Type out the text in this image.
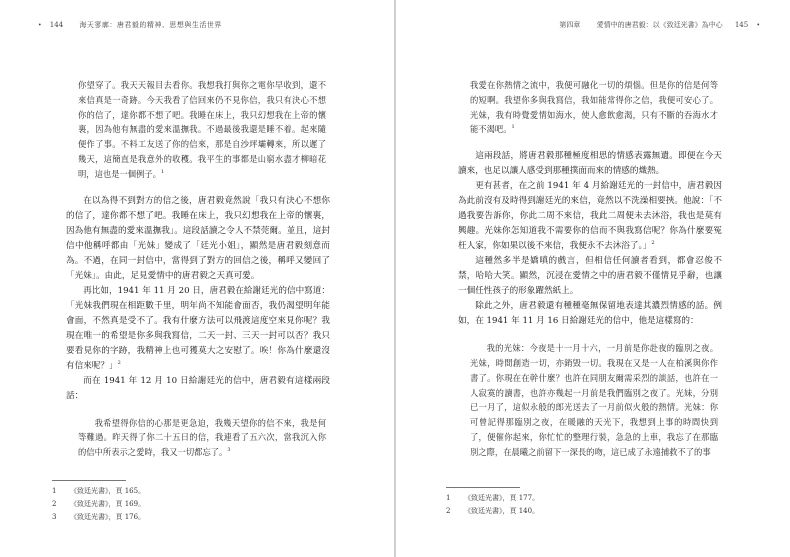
• 144 海天寥廓：唐君毅的精神、思想與生活世界

你望穿了。我天天報目去看你。我想我打與你之電你早收到，還不來信真是一奇跡。今天我看了信回來仍不見你信，我只有決心不想你的信了，達你都不想了吧。我睡在床上，我只幻想我在上帝的懷裏，因為他有無盡的愛來溫撫我。不過最後我還是睡不着。起來隨便作了事。不料工友送了你的信來，那是自沙坪壩轉來，所以遲了幾天，這簡直是我意外的收穫。我平生的事都是山窮水盡才柳暗花明，這也是一個例子。$^1$

在以為得不到對方的信之後，唐君毅竟然說「我只有決心不想你的信了，達你都不想了吧。我睡在床上，我只幻想我在上帝的懷裏，因為他有無盡的愛來溫撫我」。這段話讀之令人不禁莞爾。並且，這封信中他稱呼都由「光妹」變成了「廷光小姐」，顯然是唐君毅刻意而為。不過，在同一封信中，當得到了對方的回信之後，稱呼又變回了「光妹」。由此，足見愛情中的唐君毅之天真可愛。

再比如，1941 年 11 月 20 日，唐君毅在給謝廷光的信中寫道：「光妹我們現在相距數千里，明年尚不知能會面否，我仍渴望明年能會面，不然真是受不了。我有什麼方法可以飛渡這度空來見你呢？我現在唯一的希望是你多與我寫信，二天一封、三天一封可以否？我只要看見你的字跡，我精神上也可獲莫大之安慰了。唉！你為什麼還沒有信來呢？」$^2$

而在 1941 年 12 月 10 日給謝廷光的信中，唐君毅有這樣兩段話：

我希望得你信的心那是更急迫，我幾天望你的信不來，我是何等難過。昨天得了你二十五日的信，我連看了五六次，當我沉入你的信中所表示之愛時，我又一切都忘了。$^3$

1 《致廷光書》，頁 165。
2 《致廷光書》，頁 169。
3 《致廷光書》，頁 176。
第四章 愛情中的唐君毅：以《致廷光書》為中心 145 •

我愛在你熱情之流中，我便可融化一切的煩惱。但是你的信是何等的短啊。我望你多與我寫信，我如能常得你之信，我便可安心了。光妹，我有時覺愛情如海水，使人愈飲愈渴，只有不斷的吞海水才能不渴吧。$^1$

這兩段話，將唐君毅那種極度相思的情感表露無遺。即便在今天讀來，也足以讓人感受到那種撲面而來的情感的熾熱。

更有甚者，在之前 1941 年 4 月給謝廷光的一封信中，唐君毅因為此前沒有及時得到謝廷光的來信，竟然以不洗澡相要挾。他說：「不過我要告訴你，你此二周不來信，我此二周便未去沐浴，我也是莫有興趣。光妹你怎知道我不需要你的信而不與我寫信呢？你為什麼要冤枉人家，你如果以後不來信，我便永不去沐浴了。」$^2$

這種然多半是嬌嗔的戲言，但相信任何讀者看到，都會忍俊不禁，哈哈大笑。顯然，沉浸在愛情之中的唐君毅不僅情見乎辭，也讓一個任性孩子的形象躍然紙上。

除此之外，唐君毅還有種種毫無保留地表達其濃烈情感的話。例如，在 1941 年 11 月 16 日給謝廷光的信中，他是這樣寫的：

我的光妹：今夜是十一月十六，一月前是你赴夜的臨別之夜。光妹，時間創造一切，亦銷毀一切。我現在又是一人在柏溪與你作書了。你現在在幹什麼？也許在同朋友爾需采烈的談話，也許在一人寂寞的讀書，也許亦幾起一月前是我們臨別之夜了。光妹，分別已一月了，這似永般的郎光送去了一月前似火般的熱情。光妹：你可曾記得那臨別之夜，在暖融的天光下，我想到上事的時間快到了，便催你起來，你忙忙的整理行裝，急急的上車，我忘了在那臨別之際，在晨曦之前留下一深長的吻，這已成了永遠捕救不了的事

1 《致廷光書》，頁 177。
2 《致廷光書》，頁 140。
